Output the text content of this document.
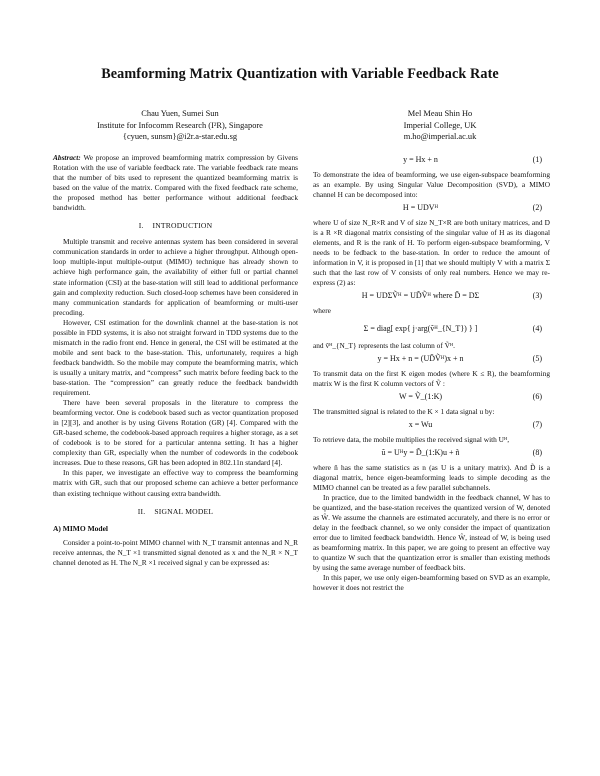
Beamforming Matrix Quantization with Variable Feedback Rate
Chau Yuen, Sumei Sun
Institute for Infocomm Research (I²R), Singapore
{cyuen, sunsm}@i2r.a-star.edu.sg
Mel Meau Shin Ho
Imperial College, UK
m.ho@imperial.ac.uk

Abstract: We propose an improved beamforming matrix compression by Givens Rotation with the use of variable feedback rate. The variable feedback rate means that the number of bits used to represent the quantized beamforming matrix is based on the value of the matrix. Compared with the fixed feedback rate scheme, the proposed method has better performance without additional feedback bandwidth.

I. INTRODUCTION

Multiple transmit and receive antennas system has been considered in several communication standards in order to achieve a higher throughput. Although open-loop multiple-input multiple-output (MIMO) technique has already shown to achieve high performance gain, the availability of either full or partial channel state information (CSI) at the base-station will still lead to additional performance gain and complexity reduction. Such closed-loop schemes have been considered in many communication standards for application of beamforming or multi-user precoding.

However, CSI estimation for the downlink channel at the base-station is not possible in FDD systems, it is also not straight forward in TDD systems due to the mismatch in the radio front end. Hence in general, the CSI will be estimated at the mobile and sent back to the base-station. This, unfortunately, requires a high feedback bandwidth. So the mobile may compute the beamforming matrix, which is usually a unitary matrix, and “compress” such matrix before feeding back to the base-station. The “compression” can greatly reduce the feedback bandwidth requirement.

There have been several proposals in the literature to compress the beamforming vector. One is codebook based such as vector quantization proposed in [2][3], and another is by using Givens Rotation (GR) [4]. Compared with the GR-based scheme, the codebook-based approach requires a higher storage, as a set of codebook is to be stored for a particular antenna setting. It has a higher complexity than GR, especially when the number of codewords in the codebook increases. Due to these reasons, GR has been adopted in 802.11n standard [4].

In this paper, we investigate an effective way to compress the beamforming matrix with GR, such that our proposed scheme can achieve a better performance than existing technique without causing extra bandwidth.

II. SIGNAL MODEL
A) MIMO Model

Consider a point-to-point MIMO channel with N_T transmit antennas and N_R receive antennas, the N_T ×1 transmitted signal denoted as x and the N_R × N_T channel denoted as H. The N_R ×1 received signal y can be expressed as:

y = Hx + n	(1)

To demonstrate the idea of beamforming, we use eigen-subspace beamforming as an example. By using Singular Value Decomposition (SVD), a MIMO channel H can be decomposed into:

H = UDVᴴ	(2)

where U of size N_R×R and V of size N_T×R are both unitary matrices, and D is a R ×R diagonal matrix consisting of the singular value of H as its diagonal elements, and R is the rank of H. To perform eigen-subspace beamforming, V needs to be fedback to the base-station. In order to reduce the amount of information in V, it is proposed in [1] that we should multiply V with a matrix Σ such that the last row of V consists of only real numbers. Hence we may re-express (2) as:

H = UDΣṼᴴ = UD̃Ṽᴴ where D̃ = DΣ	(3)

where

Σ = diag[ exp{ j·arg(ṽᴴ_{N_T}) } ]	(4)

and ṽᴴ_{N_T} represents the last column of Ṽᴴ.

y = Hx + n = (UD̃Ṽᴴ)x + n	(5)

To transmit data on the first K eigen modes (where K ≤ R), the beamforming matrix W is the first K column vectors of Ṽ :

W = Ṽ_(1:K)	(6)

The transmitted signal is related to the K × 1 data signal u by:

x = Wu	(7)

To retrieve data, the mobile multiplies the received signal with Uᴴ,

ũ = Uᴴy = D̃_(1:K)u + ñ	(8)

where ñ has the same statistics as n (as U is a unitary matrix). And D̃ is a diagonal matrix, hence eigen-beamforming leads to simple decoding as the MIMO channel can be treated as a few parallel subchannels.

In practice, due to the limited bandwidth in the feedback channel, W has to be quantized, and the base-station receives the quantized version of W, denoted as Ŵ. We assume the channels are estimated accurately, and there is no error or delay in the feedback channel, so we only consider the impact of quantization error due to limited feedback bandwidth. Hence Ŵ, instead of W, is being used as beamforming matrix. In this paper, we are going to present an effective way to quantize W such that the quantization error is smaller than existing methods by using the same average number of feedback bits.

In this paper, we use only eigen-beamforming based on SVD as an example, however it does not restrict the
